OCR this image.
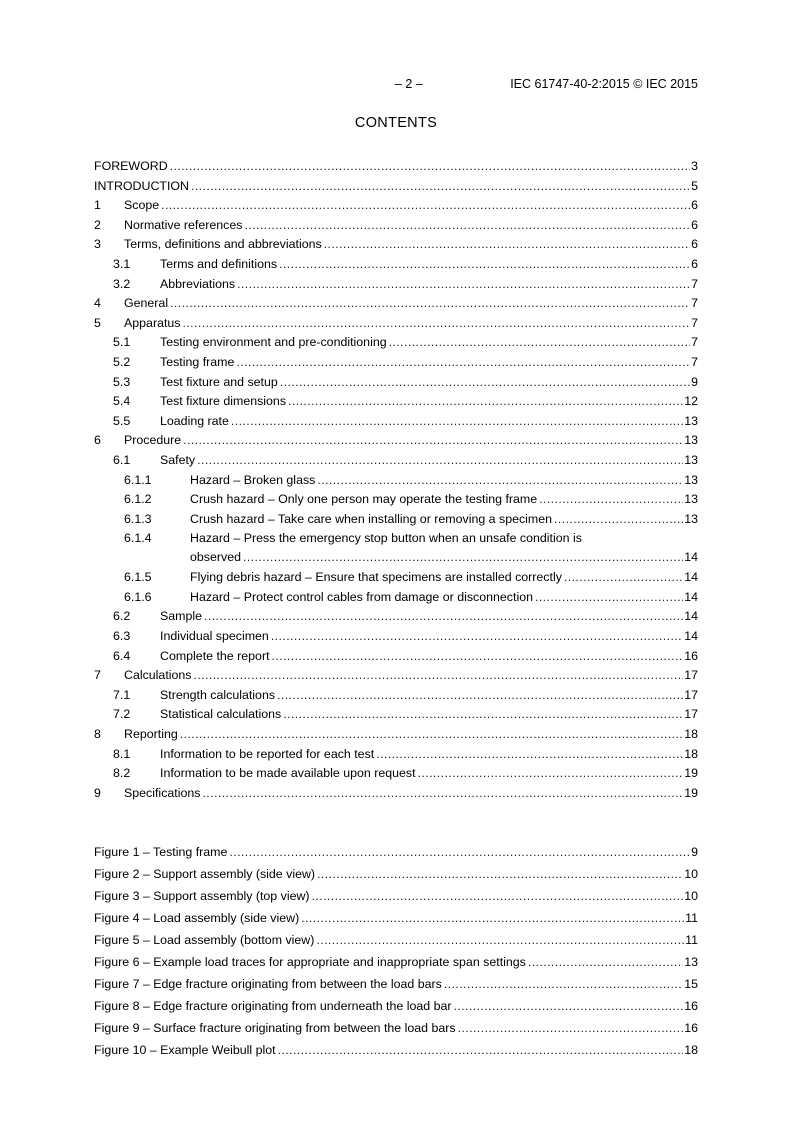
– 2 –	IEC 61747-40-2:2015 © IEC 2015
CONTENTS
FOREWORD .....	3
INTRODUCTION .....	5
1 Scope .....	6
2 Normative references .....	6
3 Terms, definitions and abbreviations .....	6
3.1 Terms and definitions .....	6
3.2 Abbreviations .....	7
4 General .....	7
5 Apparatus .....	7
5.1 Testing environment and pre-conditioning .....	7
5.2 Testing frame .....	7
5.3 Test fixture and setup .....	9
5.4 Test fixture dimensions .....	12
5.5 Loading rate .....	13
6 Procedure .....	13
6.1 Safety .....	13
6.1.1	Hazard – Broken glass .....	13
6.1.2	Crush hazard – Only one person may operate the testing frame .....	13
6.1.3	Crush hazard – Take care when installing or removing a specimen .....	13
6.1.4	Hazard – Press the emergency stop button when an unsafe condition is
observed .....	14
6.1.5	Flying debris hazard – Ensure that specimens are installed correctly .....	14
6.1.6	Hazard – Protect control cables from damage or disconnection .....	14
6.2 Sample .....	14
6.3 Individual specimen .....	14
6.4 Complete the report .....	16
7 Calculations .....	17
7.1 Strength calculations .....	17
7.2 Statistical calculations .....	17
8 Reporting .....	18
8.1 Information to be reported for each test .....	18
8.2 Information to be made available upon request .....	19
9 Specifications .....	19
Figure 1 – Testing frame .....	9
Figure 2 – Support assembly (side view) .....	10
Figure 3 – Support assembly (top view) .....	10
Figure 4 – Load assembly (side view) .....	11
Figure 5 – Load assembly (bottom view) .....	11
Figure 6 – Example load traces for appropriate and inappropriate span settings .....	13
Figure 7 – Edge fracture originating from between the load bars .....	15
Figure 8 – Edge fracture originating from underneath the load bar .....	16
Figure 9 – Surface fracture originating from between the load bars .....	16
Figure 10 – Example Weibull plot .....	18
